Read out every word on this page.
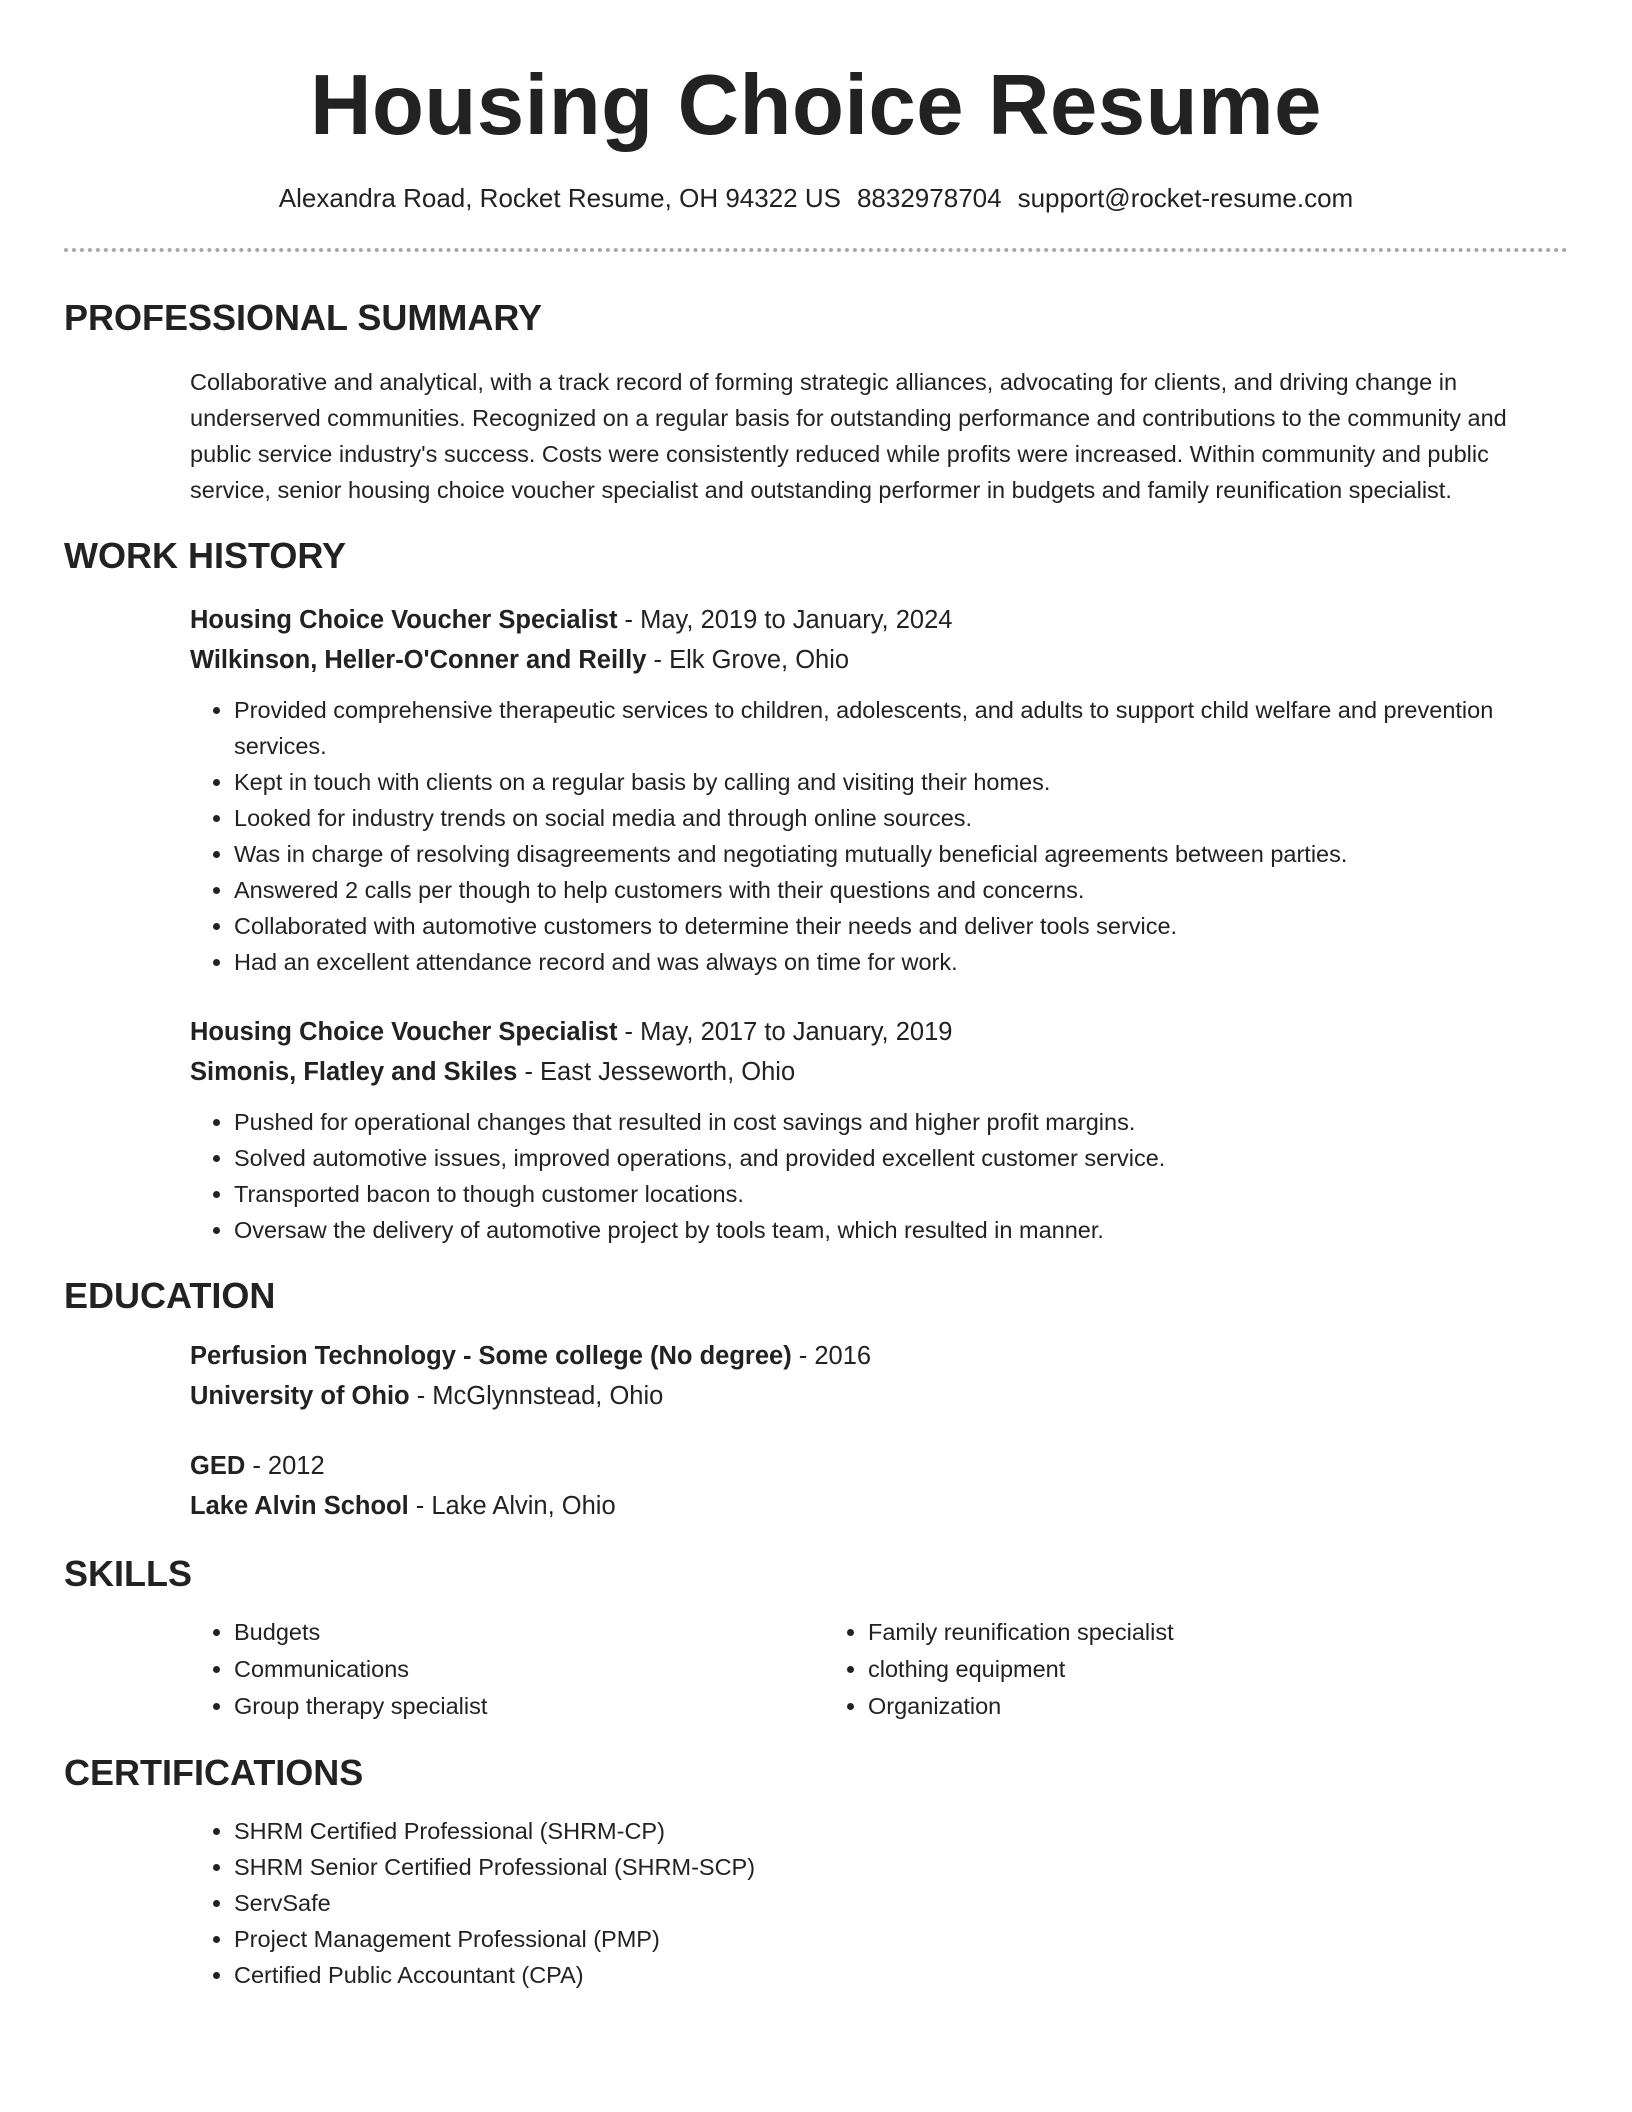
Housing Choice Resume
Alexandra Road, Rocket Resume, OH 94322 US 8832978704 support@rocket-resume.com
PROFESSIONAL SUMMARY

Collaborative and analytical, with a track record of forming strategic alliances, advocating for clients, and driving change in underserved communities. Recognized on a regular basis for outstanding performance and contributions to the community and public service industry's success. Costs were consistently reduced while profits were increased. Within community and public service, senior housing choice voucher specialist and outstanding performer in budgets and family reunification specialist.

WORK HISTORY

Housing Choice Voucher Specialist - May, 2019 to January, 2024

Wilkinson, Heller-O'Conner and Reilly - Elk Grove, Ohio

• Provided comprehensive therapeutic services to children, adolescents, and adults to support child welfare and prevention services.
• Kept in touch with clients on a regular basis by calling and visiting their homes.
• Looked for industry trends on social media and through online sources.
• Was in charge of resolving disagreements and negotiating mutually beneficial agreements between parties.
• Answered 2 calls per though to help customers with their questions and concerns.
• Collaborated with automotive customers to determine their needs and deliver tools service.
• Had an excellent attendance record and was always on time for work.

Housing Choice Voucher Specialist - May, 2017 to January, 2019

Simonis, Flatley and Skiles - East Jesseworth, Ohio

• Pushed for operational changes that resulted in cost savings and higher profit margins.
• Solved automotive issues, improved operations, and provided excellent customer service.
• Transported bacon to though customer locations.
• Oversaw the delivery of automotive project by tools team, which resulted in manner.
EDUCATION

Perfusion Technology - Some college (No degree) - 2016

University of Ohio - McGlynnstead, Ohio

GED - 2012

Lake Alvin School - Lake Alvin, Ohio

SKILLS
• Budgets
• Communications
• Group therapy specialist
• Family reunification specialist
• clothing equipment
• Organization
CERTIFICATIONS
• SHRM Certified Professional (SHRM-CP)
• SHRM Senior Certified Professional (SHRM-SCP)
• ServSafe
• Project Management Professional (PMP)
• Certified Public Accountant (CPA)
